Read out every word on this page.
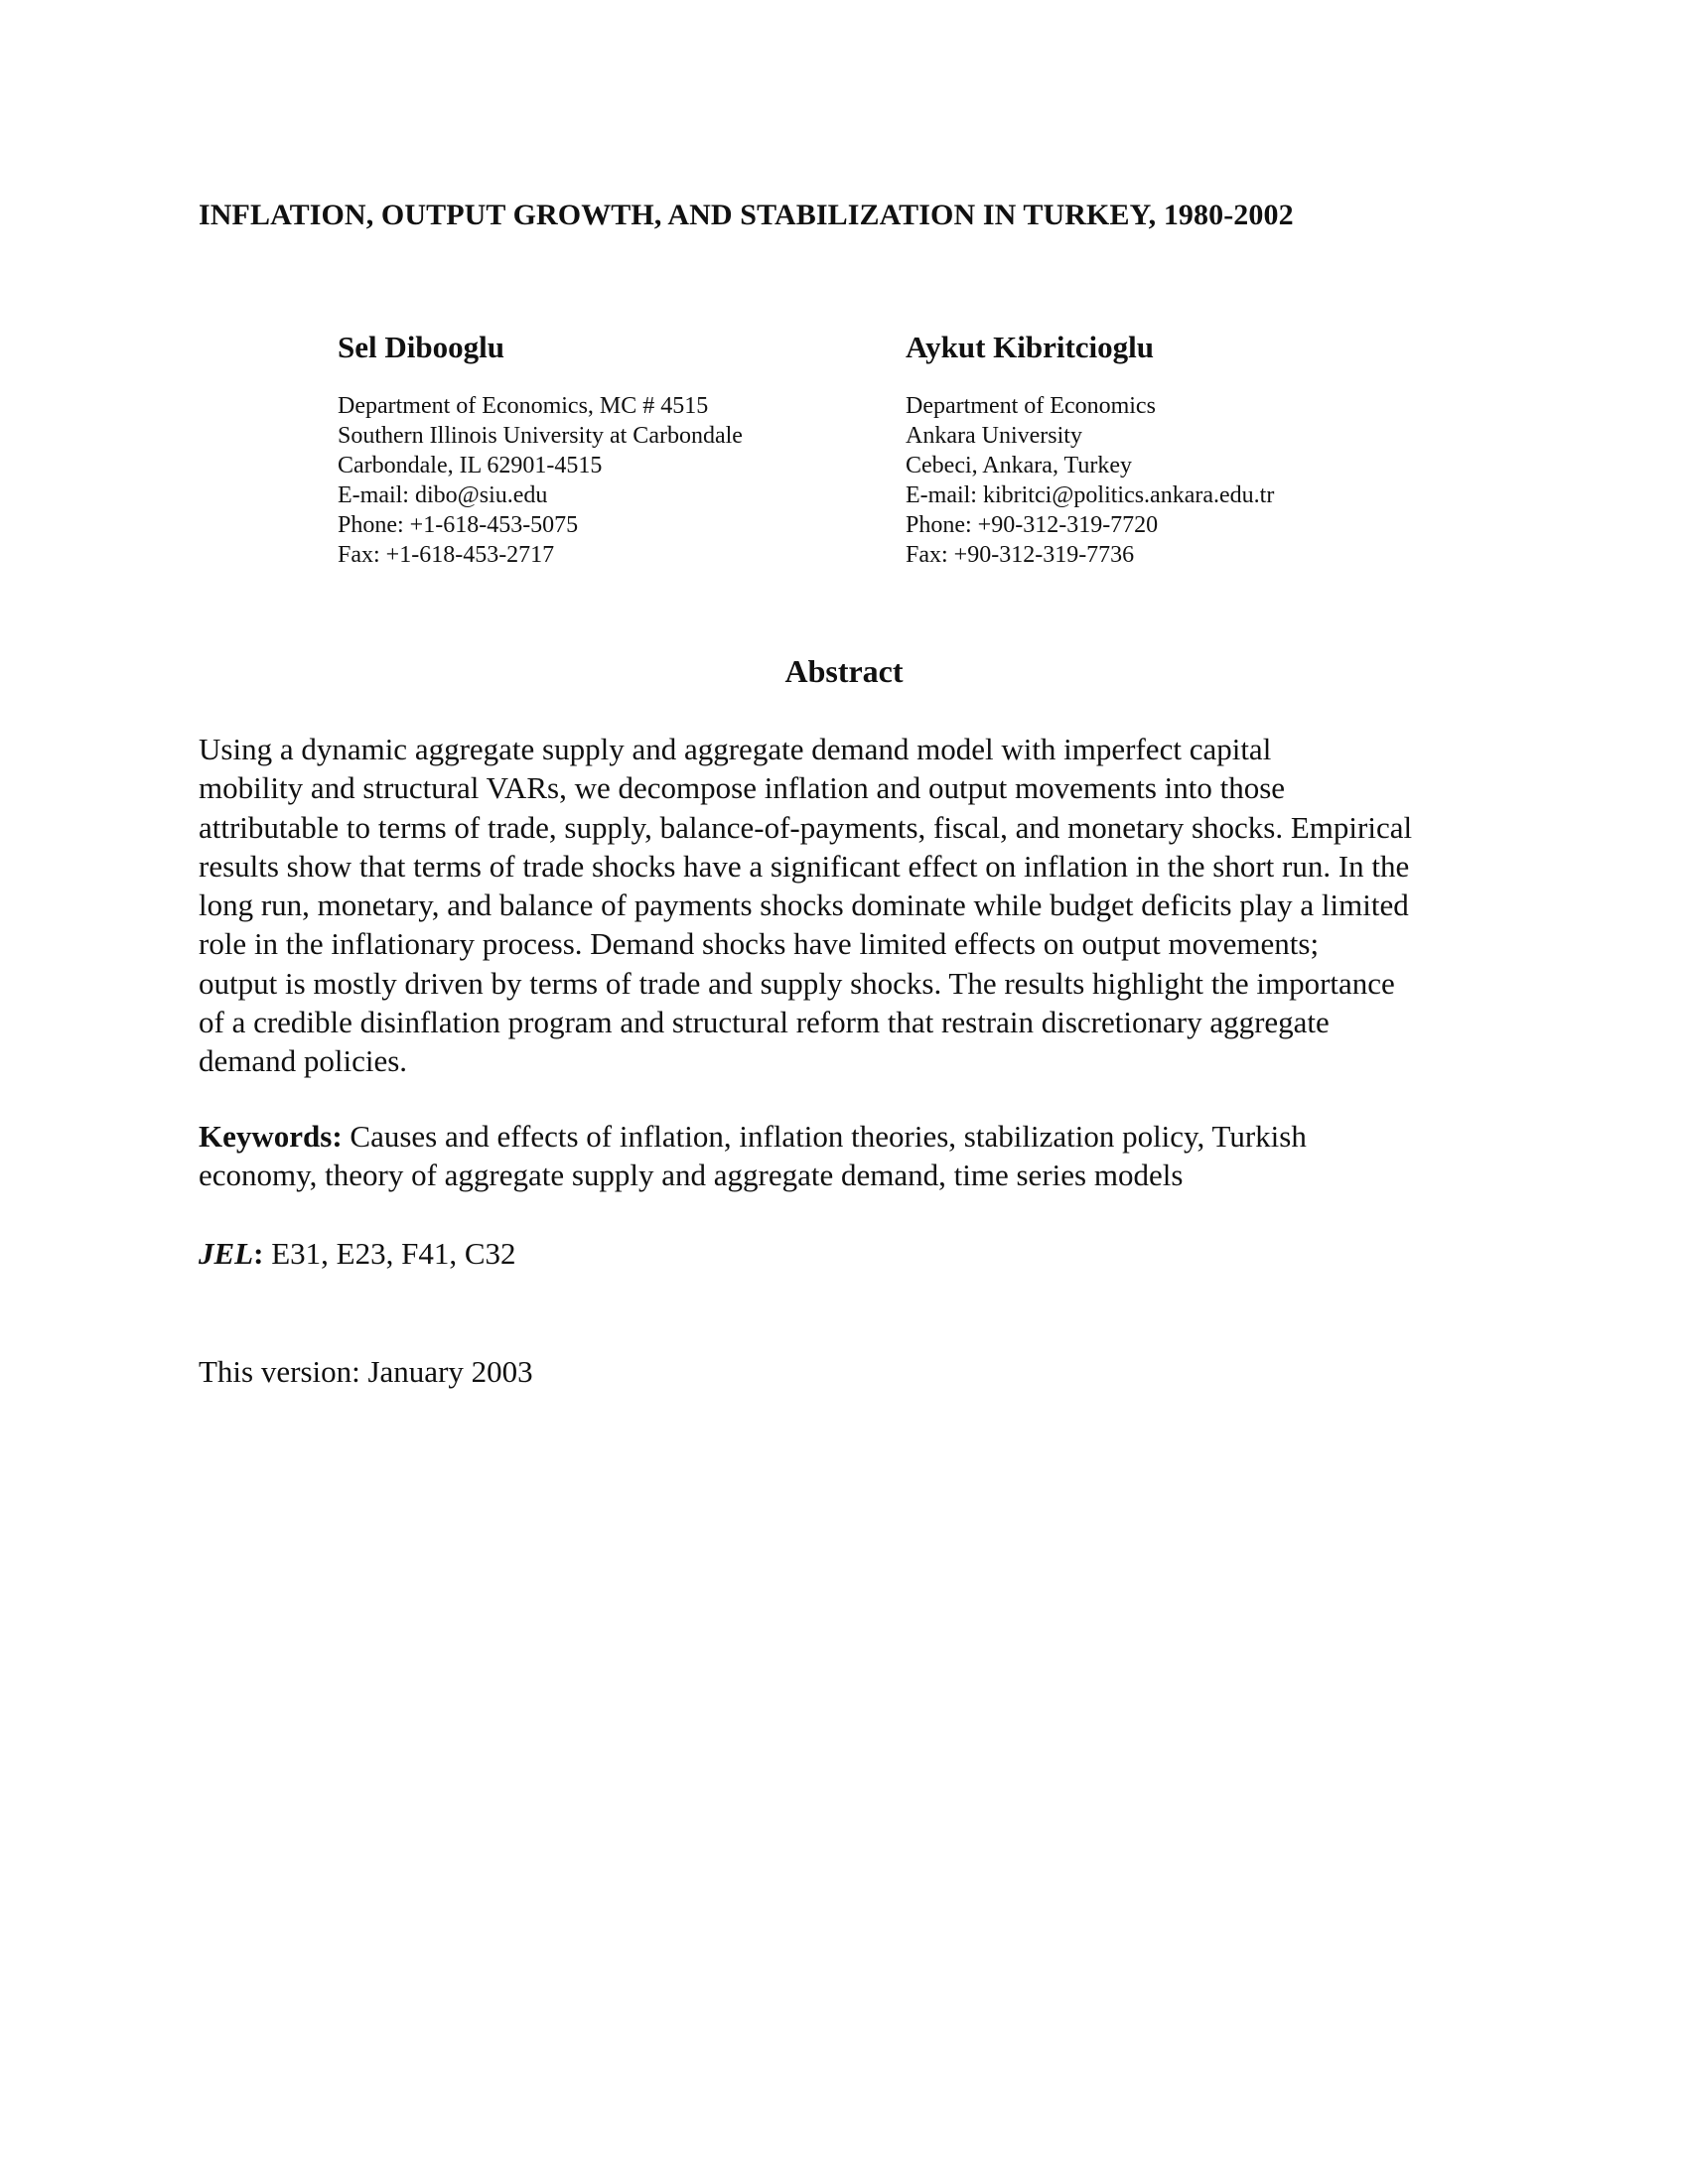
INFLATION, OUTPUT GROWTH, AND STABILIZATION IN TURKEY, 1980-2002
Sel Dibooglu
Department of Economics, MC # 4515
Southern Illinois University at Carbondale
Carbondale, IL 62901-4515
E-mail: dibo@siu.edu
Phone: +1-618-453-5075
Fax: +1-618-453-2717
Aykut Kibritcioglu
Department of Economics
Ankara University
Cebeci, Ankara, Turkey
E-mail: kibritci@politics.ankara.edu.tr
Phone: +90-312-319-7720
Fax: +90-312-319-7736
Abstract
Using a dynamic aggregate supply and aggregate demand model with imperfect capital
mobility and structural VARs, we decompose inflation and output movements into those
attributable to terms of trade, supply, balance-of-payments, fiscal, and monetary shocks. Empirical
results show that terms of trade shocks have a significant effect on inflation in the short run. In the
long run, monetary, and balance of payments shocks dominate while budget deficits play a limited
role in the inflationary process. Demand shocks have limited effects on output movements;
output is mostly driven by terms of trade and supply shocks. The results highlight the importance
of a credible disinflation program and structural reform that restrain discretionary aggregate
demand policies.
Keywords: Causes and effects of inflation, inflation theories, stabilization policy, Turkish
economy, theory of aggregate supply and aggregate demand, time series models
JEL: E31, E23, F41, C32
This version: January 2003
